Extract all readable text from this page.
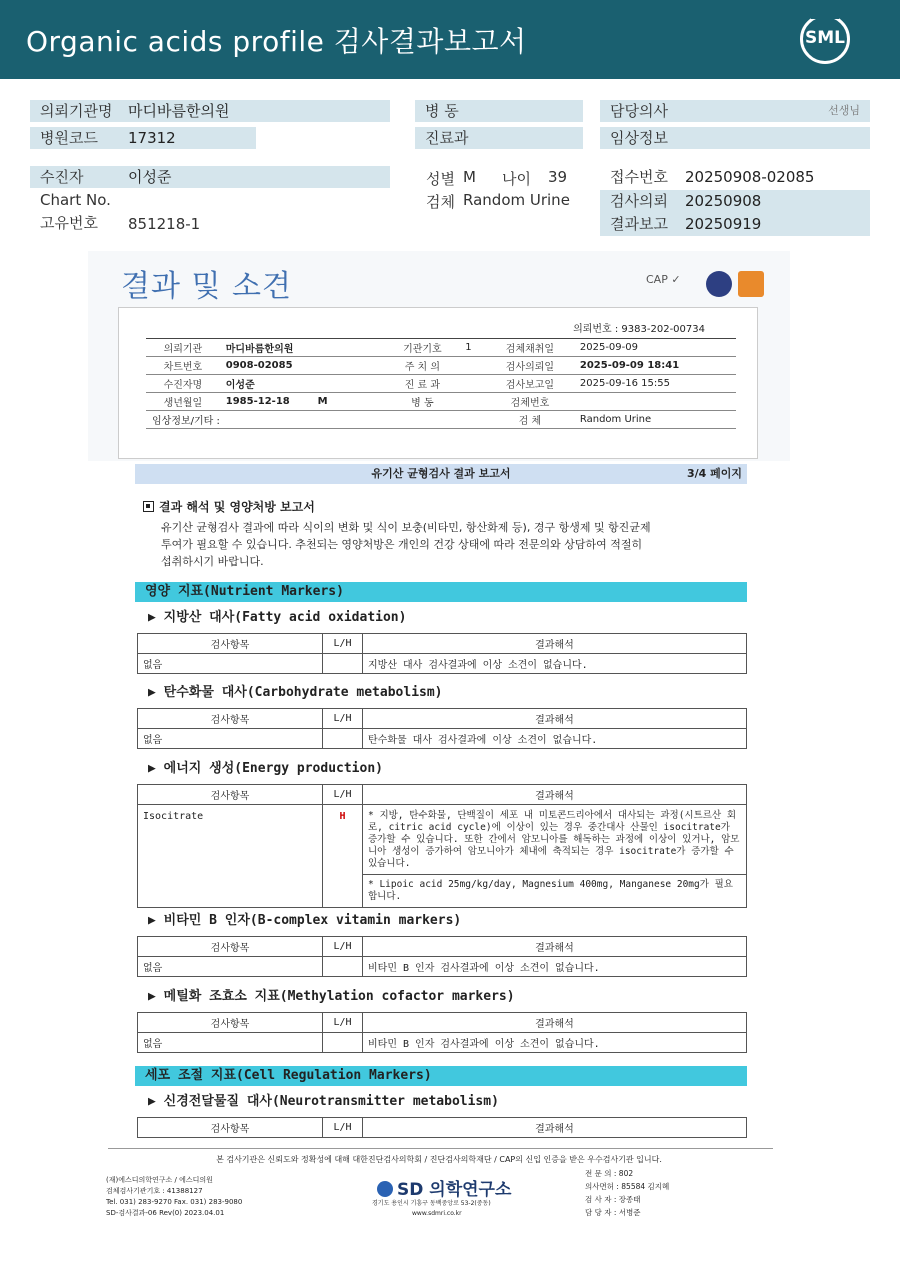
Organic acids profile 검사결과보고서	SML
의뢰기관명 마디바름한의원
병원코드 17312
병 동
진료과
담당의사	선생님
임상정보
수진자	이성준
Chart No.
고유번호 851218-1
성별 M 나이 39
검체 Random Urine
접수번호 20250908-02085
검사의뢰 20250908
결과보고 20250919
결과 및 소견	CAP ✓
의뢰번호 : 9383-202-00734
의뢰기관	마디바름한의원	기관기호	1	검체채취일	2025-09-09
차트번호	0908-02085	주 치 의		검사의뢰일	2025-09-09 18:41
수진자명	이성준	진 료 과		검사보고일	2025-09-16 15:55
생년월일	1985-12-18 M	병 동		검체번호	
임상정보/기타 :				검 체	Random Urine
유기산 균형검사 결과 보고서	3/4 페이지
결과 해석 및 영양처방 보고서
유기산 균형검사 결과에 따라 식이의 변화 및 식이 보충(비타민, 항산화제 등), 경구 항생제 및 항진균제
투여가 필요할 수 있습니다. 추천되는 영양처방은 개인의 건강 상태에 따라 전문의와 상담하여 적절히
섭취하시기 바랍니다.
영양 지표(Nutrient Markers)
▶ 지방산 대사(Fatty acid oxidation)
검사항목	L/H	결과해석
없음		지방산 대사 검사결과에 이상 소견이 없습니다.
▶ 탄수화물 대사(Carbohydrate metabolism)
검사항목	L/H	결과해석
없음		탄수화물 대사 검사결과에 이상 소견이 없습니다.
▶ 에너지 생성(Energy production)
검사항목	L/H	결과해석
Isocitrate	H	* 지방, 탄수화물, 단백질이 세포 내 미토콘드리아에서 대사되는 과정(시트르산 회로, citric acid cycle)에 이상이 있는 경우 중간대사 산물인 isocitrate가 증가할 수 있습니다. 또한 간에서 암모니아를 해독하는 과정에 이상이 있거나, 암모니아 생성이 증가하여 암모니아가 체내에 축적되는 경우 isocitrate가 증가할 수 있습니다.
		* Lipoic acid 25mg/kg/day, Magnesium 400mg, Manganese 20mg가 필요합니다.
▶ 비타민 B 인자(B-complex vitamin markers)
검사항목	L/H	결과해석
없음		비타민 B 인자 검사결과에 이상 소견이 없습니다.
▶ 메틸화 조효소 지표(Methylation cofactor markers)
검사항목	L/H	결과해석
없음		비타민 B 인자 검사결과에 이상 소견이 없습니다.
세포 조절 지표(Cell Regulation Markers)
▶ 신경전달물질 대사(Neurotransmitter metabolism)
검사항목	L/H	결과해석
본 검사기관은 신뢰도와 정확성에 대해 대한진단검사의학회 / 진단검사의학재단 / CAP의 신입 인증을 받은 우수검사기관 입니다.
(재)에스디의학연구소 / 에스디의원
검체검사기관기호 : 41388127
Tel. 031) 283-9270 Fax. 031) 283-9080
SD-검사결과-06 Rev(0) 2023.04.01
SD 의학연구소
경기도 용인시 기흥구 동백중앙로 53-2(중동)
www.sdmri.co.kr
전 문 의 : 802
의사면허 : 85584 김지혜
검 사 자 : 장종태
담 당 자 : 서병준
